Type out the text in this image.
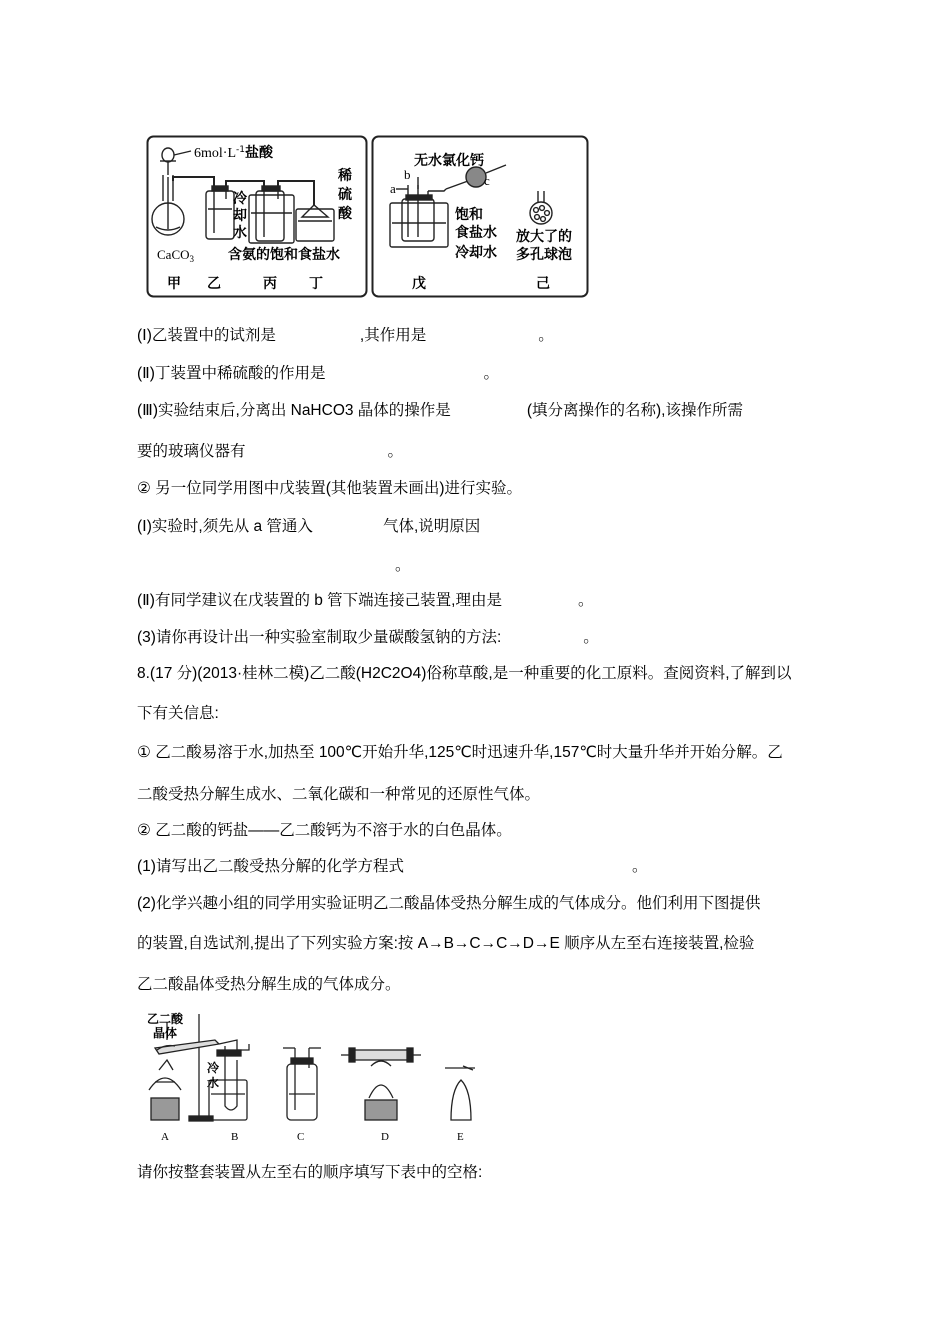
$6mol\cdot L^{-1}$盐酸
冷 却 水
稀 硫 酸
CaCO$_3$ 含氨的饱和食盐水
甲 乙	丙 丁
无水氯化钙
a
b	c
饱和食盐水
冷却水
放大了的多孔球泡
戊	己
(Ⅰ)乙装置中的试剂是	,其作用是	。
(Ⅱ)丁装置中稀硫酸的作用是	。
(Ⅲ)实验结束后,分离出 NaHCO3 晶体的操作是	(填分离操作的名称),该操作所需
要的玻璃仪器有	。
② 另一位同学用图中戊装置(其他装置未画出)进行实验。
(Ⅰ)实验时,须先从 a 管通入	气体,说明原因
。
(Ⅱ)有同学建议在戊装置的 b 管下端连接己装置,理由是	。
(3)请你再设计出一种实验室制取少量碳酸氢钠的方法:	。
8.(17 分)(2013·桂林二模)乙二酸(H2C2O4)俗称草酸,是一种重要的化工原料。查阅资料,了解到以
下有关信息:
① 乙二酸易溶于水,加热至 100℃开始升华,125℃时迅速升华,157℃时大量升华并开始分解。乙
二酸受热分解生成水、二氧化碳和一种常见的还原性气体。
② 乙二酸的钙盐——乙二酸钙为不溶于水的白色晶体。
(1)请写出乙二酸受热分解的化学方程式	。
(2)化学兴趣小组的同学用实验证明乙二酸晶体受热分解生成的气体成分。他们利用下图提供
的装置,自选试剂,提出了下列实验方案:按 A→B→C→C→D→E 顺序从左至右连接装置,检验
乙二酸晶体受热分解生成的气体成分。
乙二酸晶体
冷水
A	B	C	D	E
请你按整套装置从左至右的顺序填写下表中的空格:
